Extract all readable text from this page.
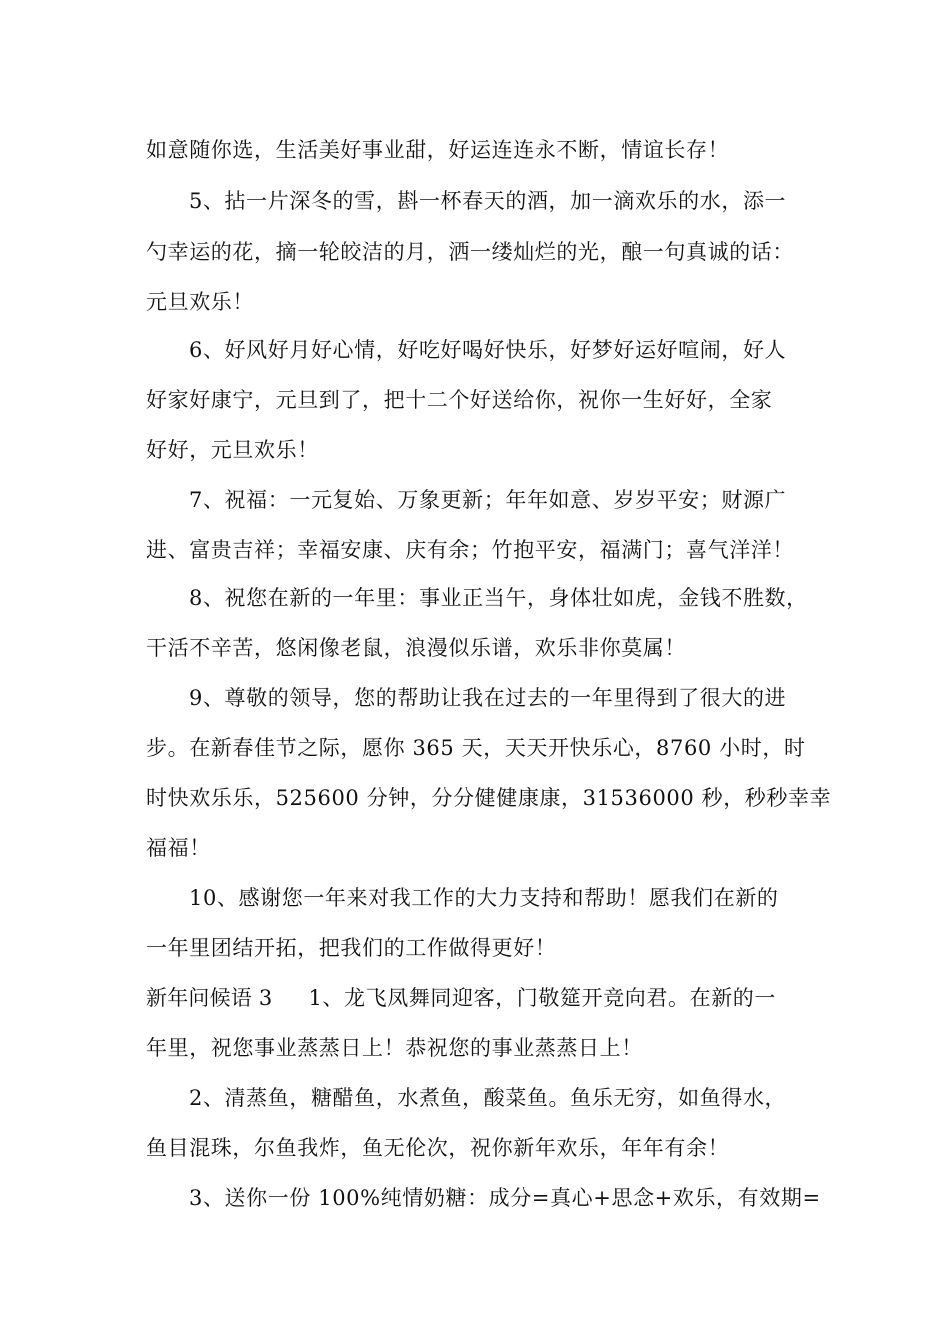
如意随你选，生活美好事业甜，好运连连永不断，情谊长存！
5、拈一片深冬的雪，斟一杯春天的酒，加一滴欢乐的水，添一
勺幸运的花，摘一轮皎洁的月，洒一缕灿烂的光，酿一句真诚的话：
元旦欢乐！
6、好风好月好心情，好吃好喝好快乐，好梦好运好喧闹，好人
好家好康宁，元旦到了，把十二个好送给你，祝你一生好好，全家
好好，元旦欢乐！
7、祝福：一元复始、万象更新；年年如意、岁岁平安；财源广
进、富贵吉祥；幸福安康、庆有余；竹抱平安，福满门；喜气洋洋！
8、祝您在新的一年里：事业正当午，身体壮如虎，金钱不胜数，
干活不辛苦，悠闲像老鼠，浪漫似乐谱，欢乐非你莫属！
9、尊敬的领导，您的帮助让我在过去的一年里得到了很大的进
步。在新春佳节之际，愿你 365 天，天天开快乐心，8760 小时，时
时快欢乐乐，525600 分钟，分分健健康康，31536000 秒，秒秒幸幸
福福！
10、感谢您一年来对我工作的大力支持和帮助！愿我们在新的
一年里团结开拓，把我们的工作做得更好！
新年问候语 3 1、龙飞凤舞同迎客，门敬筵开竞向君。在新的一
年里，祝您事业蒸蒸日上！恭祝您的事业蒸蒸日上！
2、清蒸鱼，糖醋鱼，水煮鱼，酸菜鱼。鱼乐无穷，如鱼得水，
鱼目混珠，尔鱼我炸，鱼无伦次，祝你新年欢乐，年年有余！
3、送你一份 100%纯情奶糖：成分=真心+思念+欢乐，有效期=
